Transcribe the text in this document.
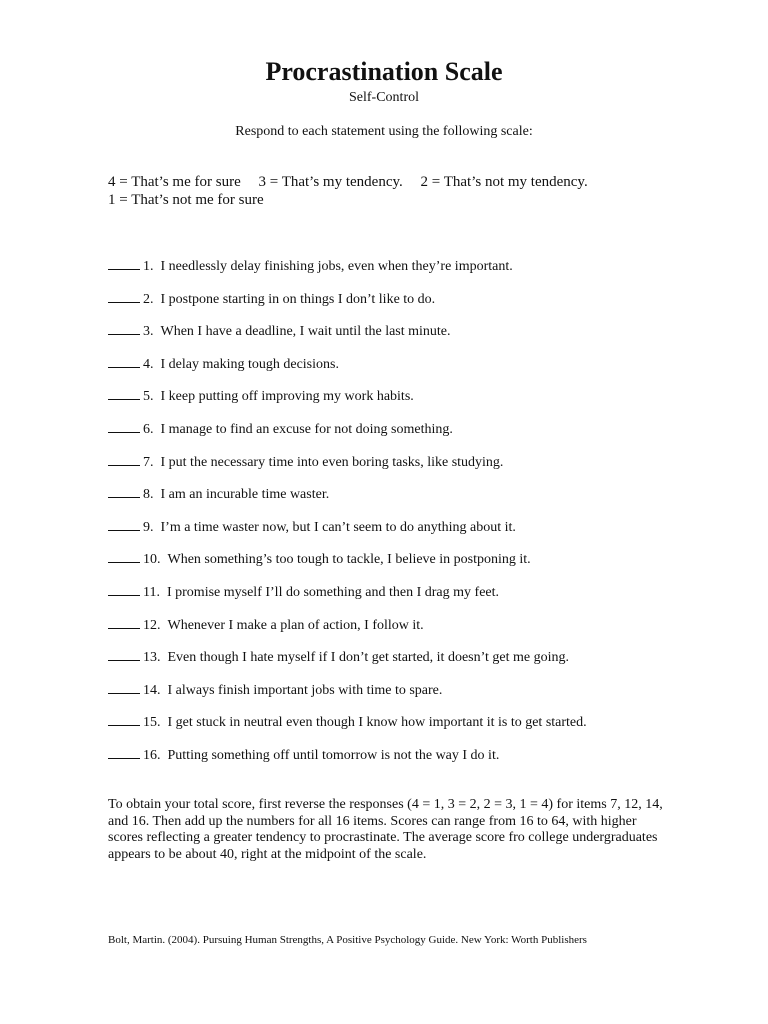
Procrastination Scale
Self-Control
Respond to each statement using the following scale:
4 = That’s me for sure 3 = That’s my tendency. 2 = That’s not my tendency.
1 = That’s not me for sure
1. I needlessly delay finishing jobs, even when they’re important.
2. I postpone starting in on things I don’t like to do.
3. When I have a deadline, I wait until the last minute.
4. I delay making tough decisions.
5. I keep putting off improving my work habits.
6. I manage to find an excuse for not doing something.
7. I put the necessary time into even boring tasks, like studying.
8. I am an incurable time waster.
9. I’m a time waster now, but I can’t seem to do anything about it.
10. When something’s too tough to tackle, I believe in postponing it.
11. I promise myself I’ll do something and then I drag my feet.
12. Whenever I make a plan of action, I follow it.
13. Even though I hate myself if I don’t get started, it doesn’t get me going.
14. I always finish important jobs with time to spare.
15. I get stuck in neutral even though I know how important it is to get started.
16. Putting something off until tomorrow is not the way I do it.
To obtain your total score, first reverse the responses (4 = 1, 3 = 2, 2 = 3, 1 = 4) for items 7, 12, 14, and 16. Then add up the numbers for all 16 items. Scores can range from 16 to 64, with higher scores reflecting a greater tendency to procrastinate. The average score fro college undergraduates appears to be about 40, right at the midpoint of the scale.
Bolt, Martin. (2004). Pursuing Human Strengths, A Positive Psychology Guide. New York: Worth Publishers
